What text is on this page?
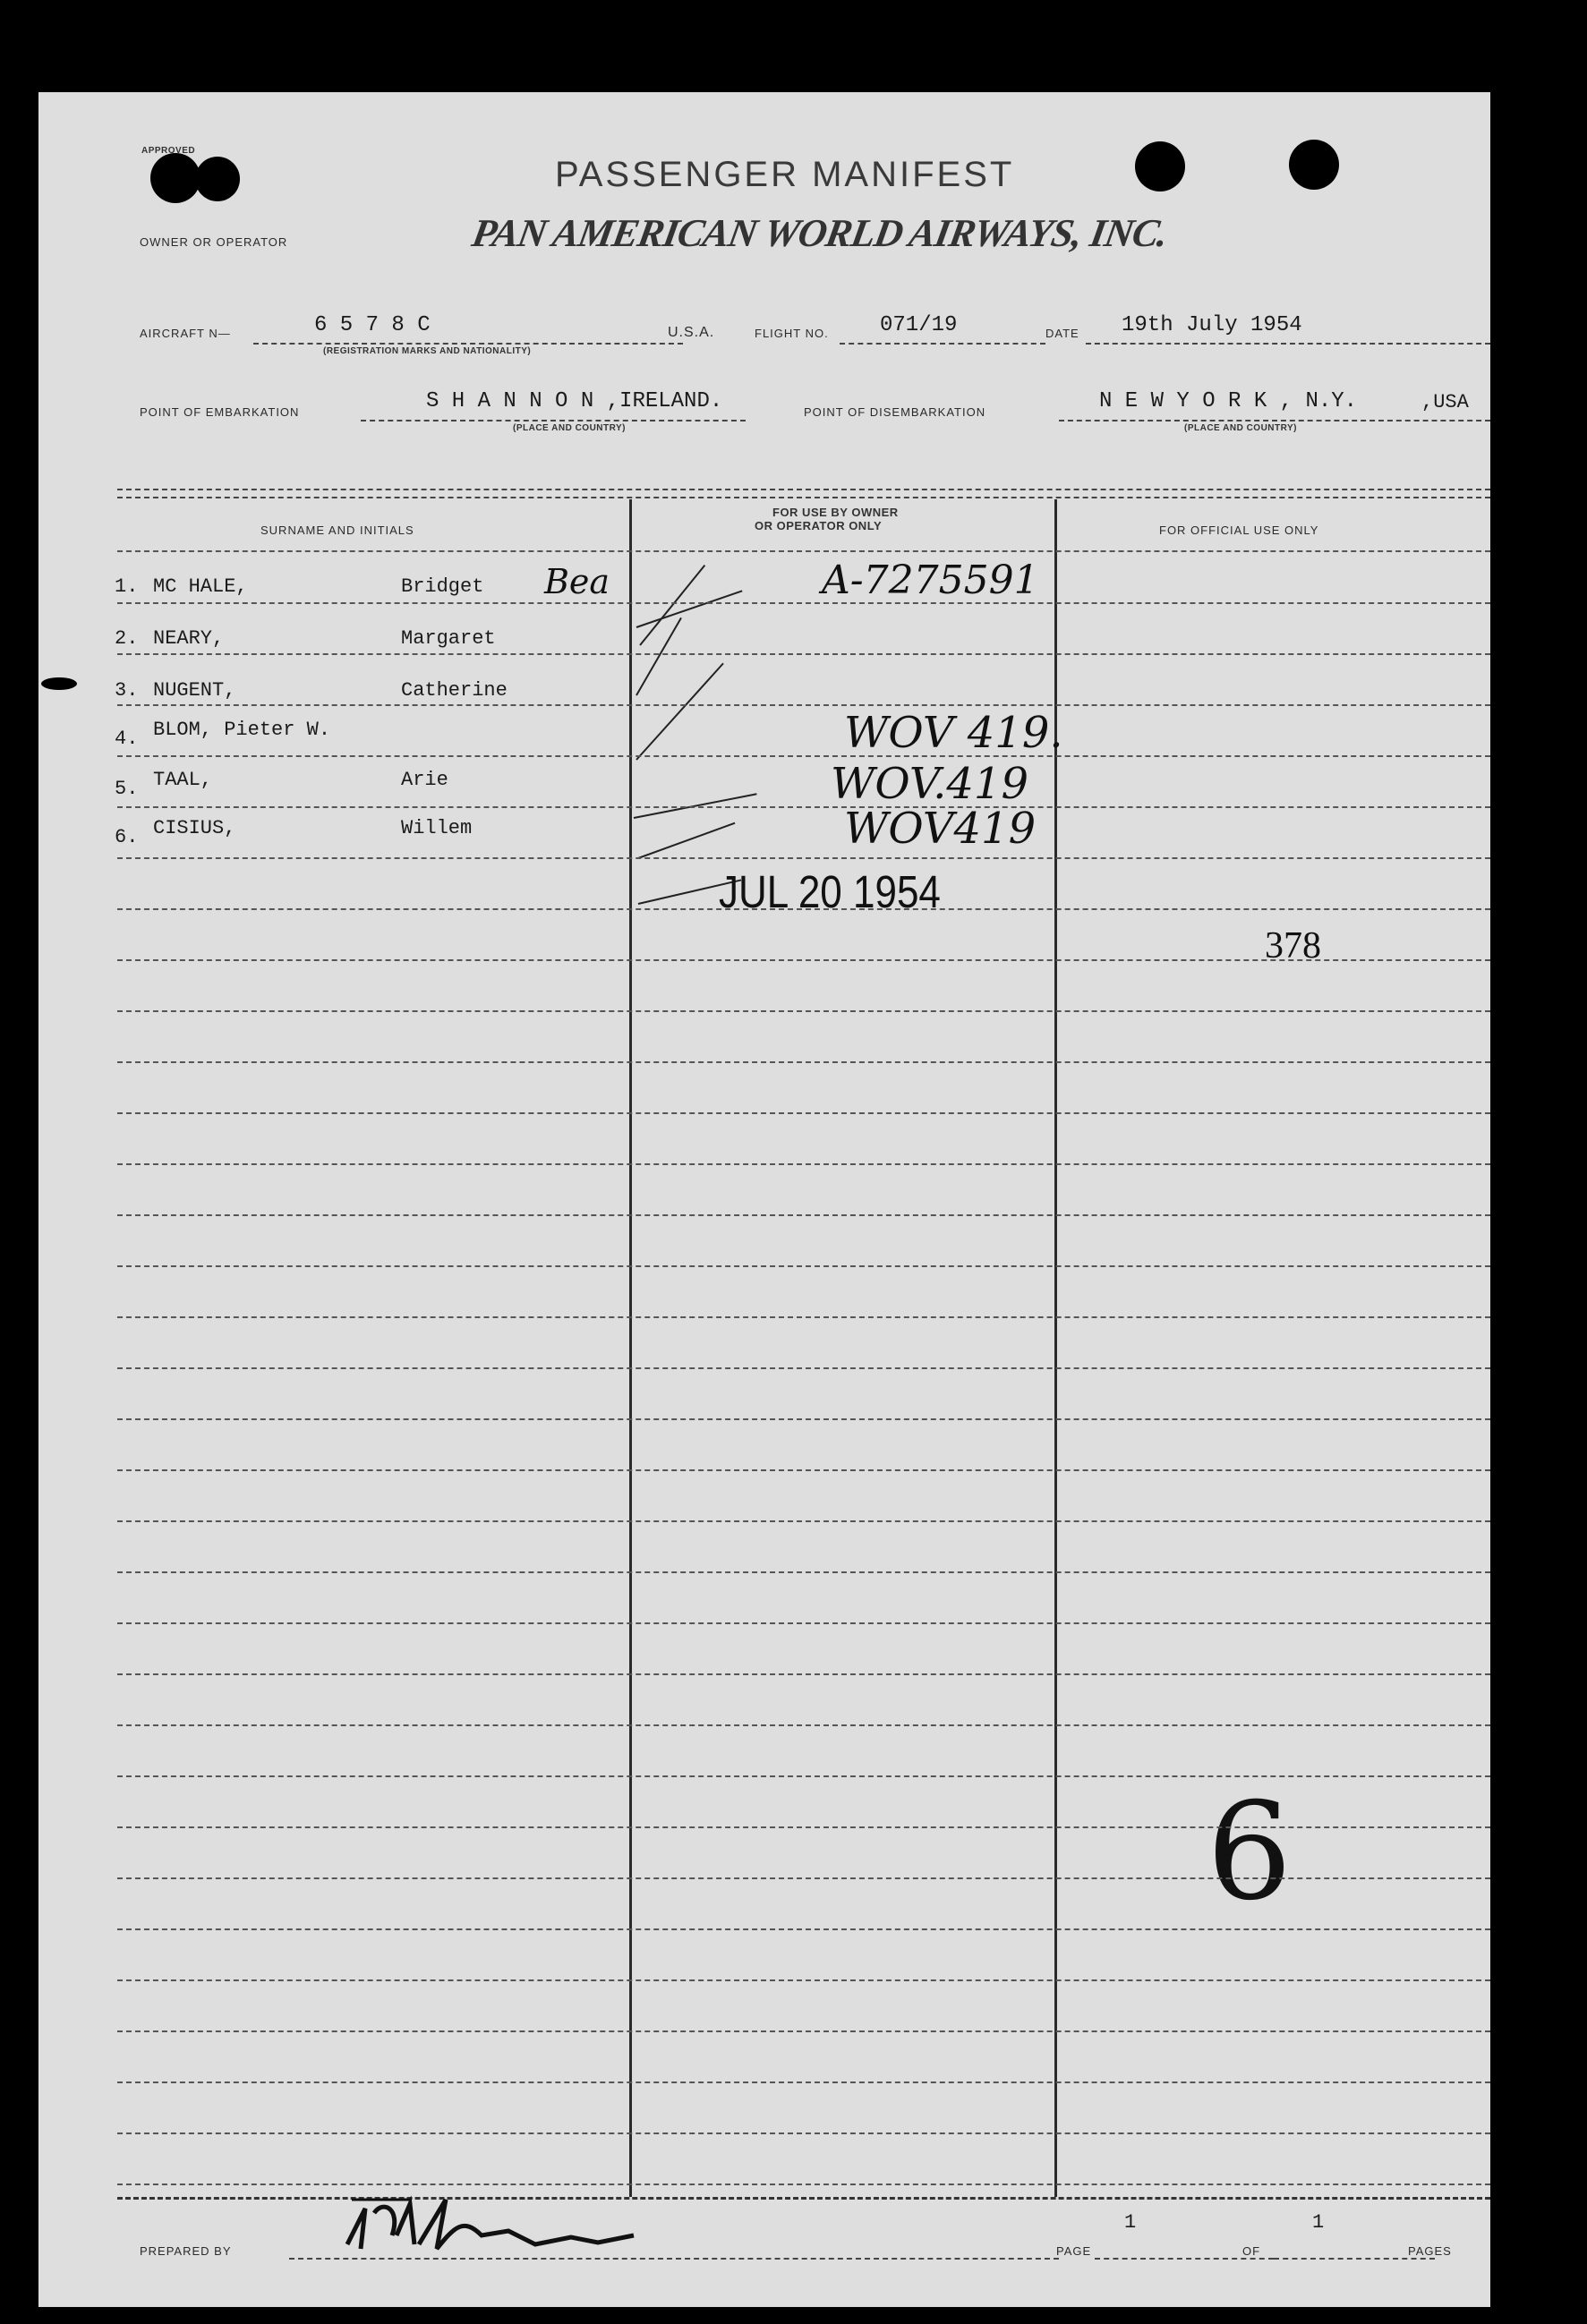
APPROVED
PASSENGER MANIFEST
OWNER OR OPERATOR	PAN AMERICAN WORLD AIRWAYS, INC.
AIRCRAFT N—	6 5 7 8 C
(REGISTRATION MARKS AND NATIONALITY)
U.S.A.	FLIGHT NO. 071/19	DATE 19th July 1954
POINT OF EMBARKATION	S H A N N O N ,IRELAND.
(PLACE AND COUNTRY)
POINT OF DISEMBARKATION	N E W Y O R K , N.Y.	,USA
(PLACE AND COUNTRY)
SURNAME AND INITIALS
FOR USE BY OWNER
OR OPERATOR ONLY	FOR OFFICIAL USE ONLY
1. MC HALE,	Bridget Bea	A-7275591
2. NEARY,	Margaret
3. NUGENT,	Catherine
4. BLOM, Pieter W.	WOV 419.
5. TAAL,	Arie	WOV.419
6. CISIUS,	Willem	WOV419
JUL 20 1954
378
6
PREPARED BY	PAGE
1
OF
1
PAGES
